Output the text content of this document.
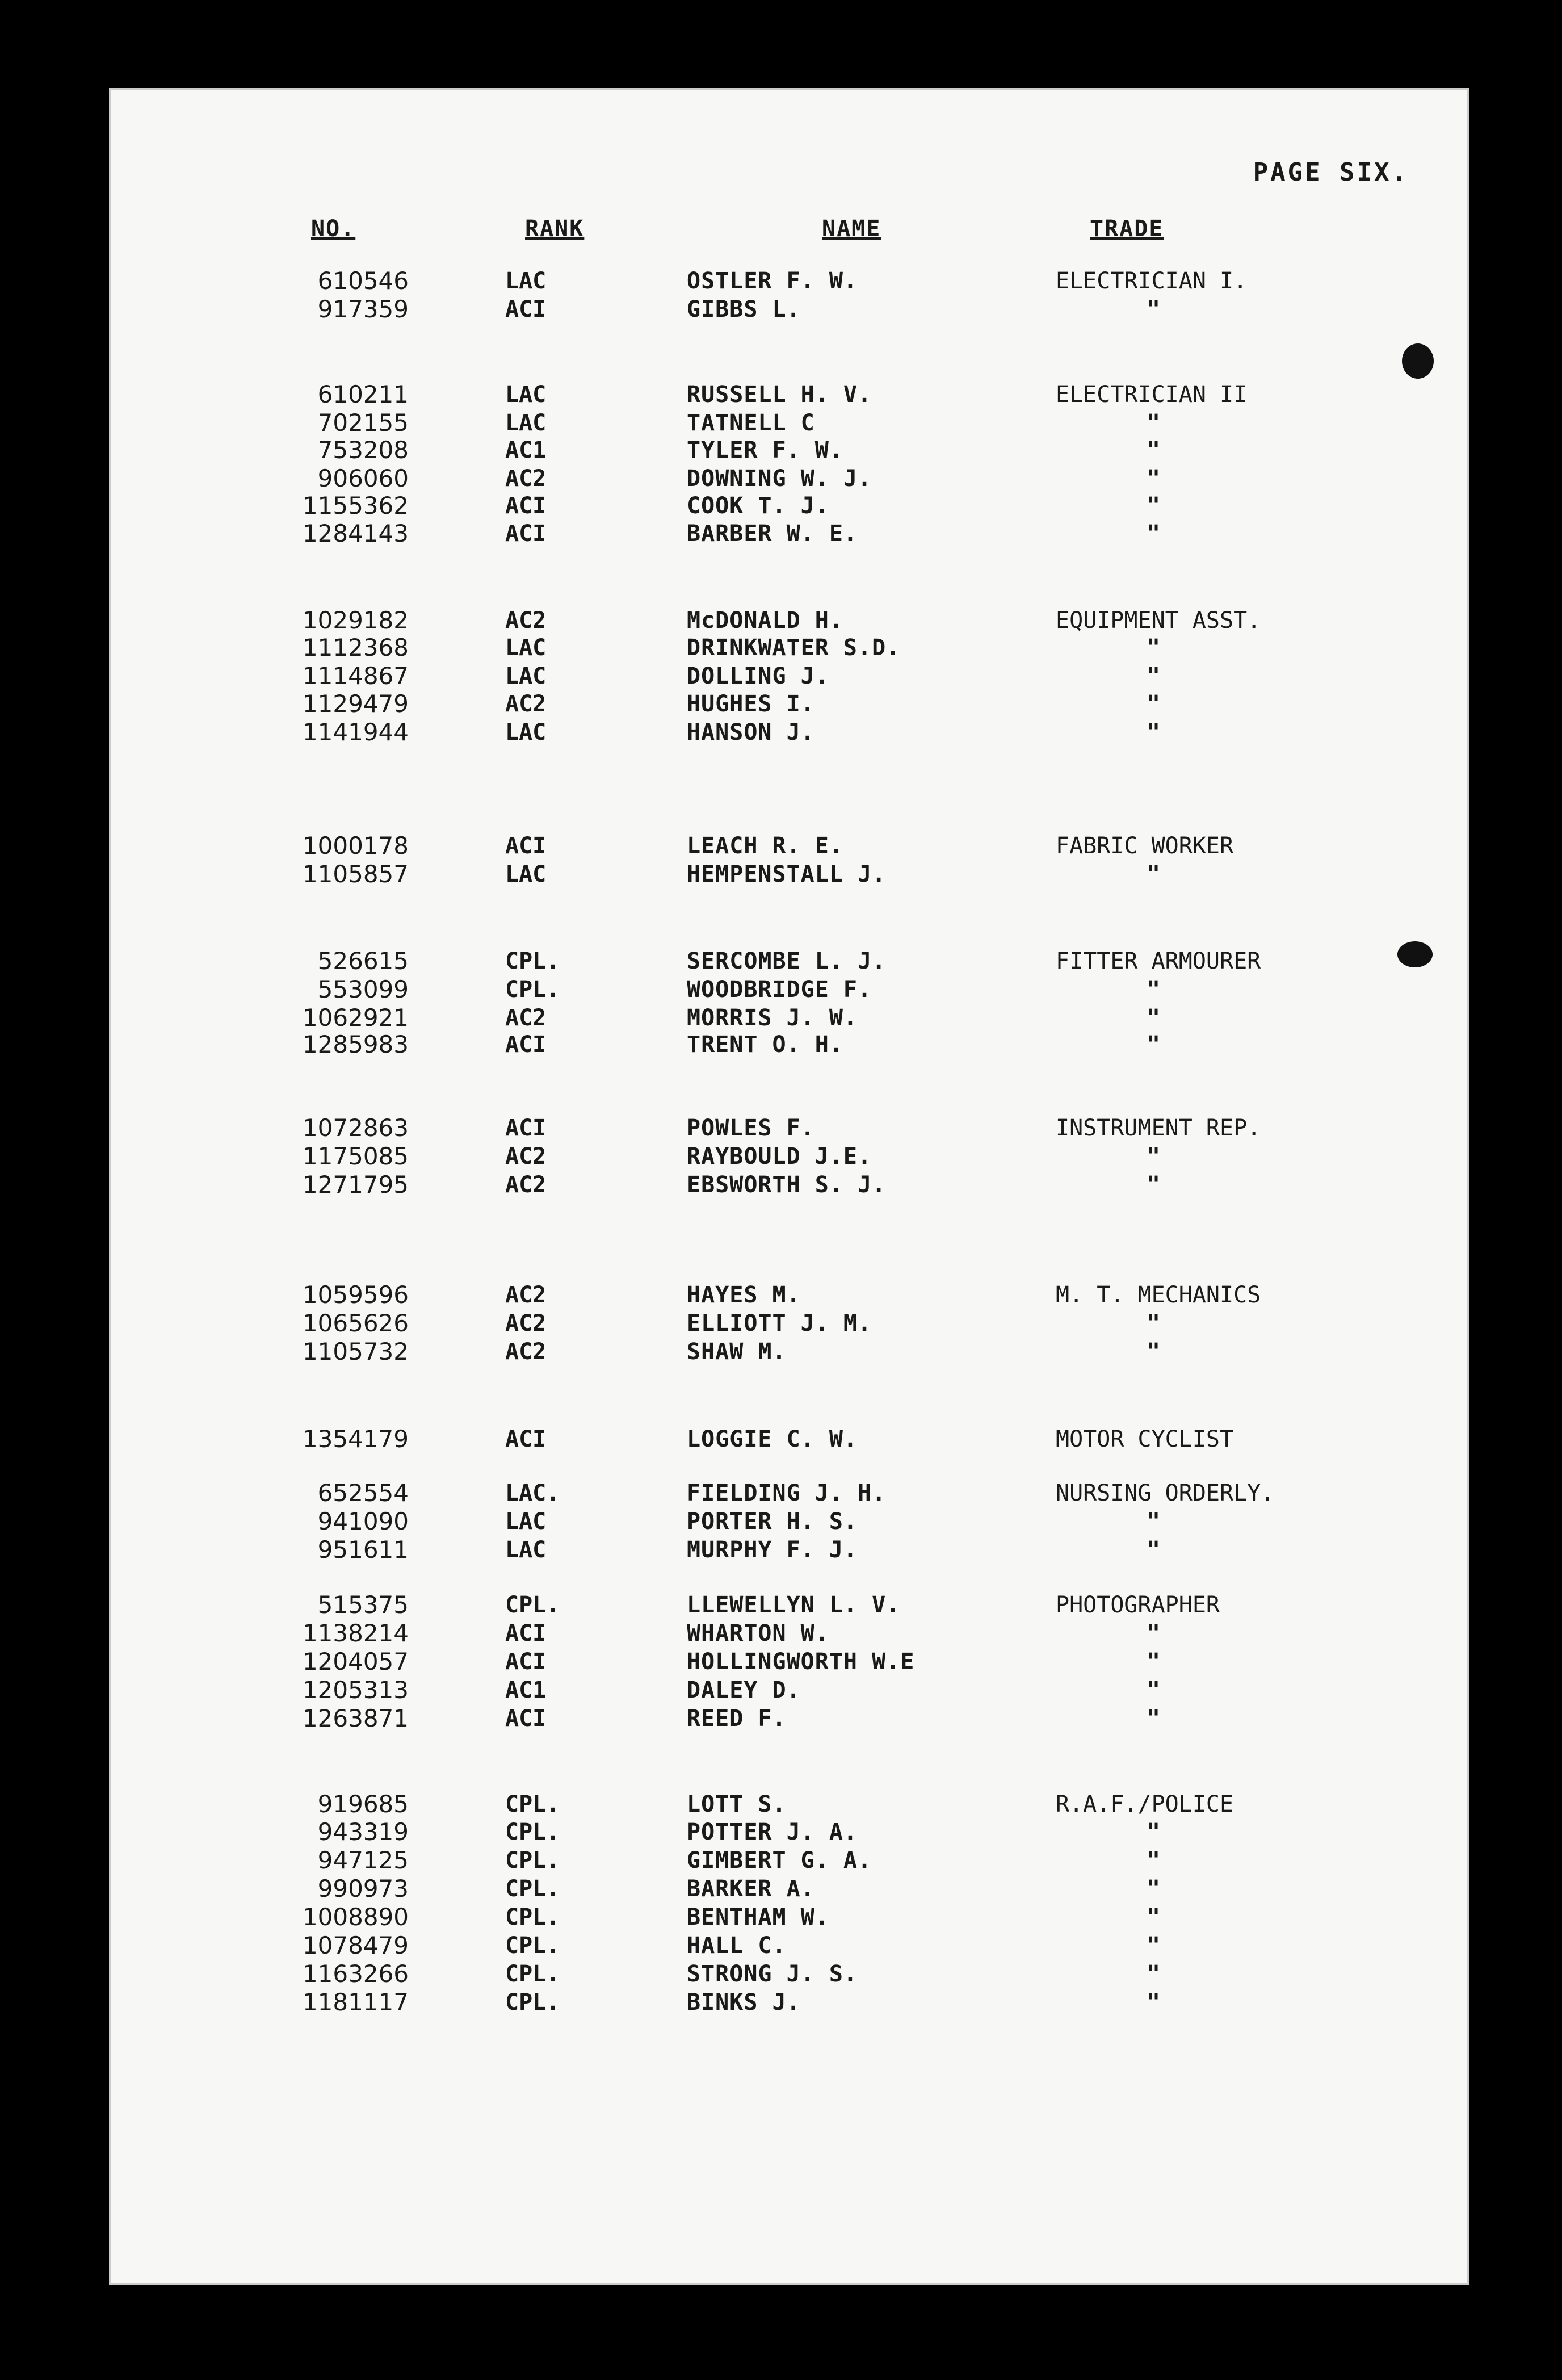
PAGE SIX.
NO.	RANK	NAME	TRADE
610546	LAC	OSTLER F. W.	ELECTRICIAN I.
917359	ACI	GIBBS L.	"
610211	LAC	RUSSELL H. V.	ELECTRICIAN II
702155	LAC	TATNELL C	"
753208	AC1	TYLER F. W.	"
906060	AC2	DOWNING W. J.	"
1155362	ACI	COOK T. J.	"
1284143	ACI	BARBER W. E.	"
1029182	AC2	McDONALD H.	EQUIPMENT ASST.
1112368	LAC	DRINKWATER S.D.	"
1114867	LAC	DOLLING J.	"
1129479	AC2	HUGHES I.	"
1141944	LAC	HANSON J.	"
1000178	ACI	LEACH R. E.	FABRIC WORKER
1105857	LAC	HEMPENSTALL J.	"
526615	CPL.	SERCOMBE L. J.	FITTER ARMOURER
553099	CPL.	WOODBRIDGE F.	"
1062921	AC2	MORRIS J. W.	"
1285983	ACI	TRENT O. H.	"
1072863	ACI	POWLES F.	INSTRUMENT REP.
1175085	AC2	RAYBOULD J.E.	"
1271795	AC2	EBSWORTH S. J.	"
1059596	AC2	HAYES M.	M. T. MECHANICS
1065626	AC2	ELLIOTT J. M.	"
1105732	AC2	SHAW M.	"
1354179	ACI	LOGGIE C. W.	MOTOR CYCLIST
652554	LAC.	FIELDING J. H.	NURSING ORDERLY.
941090	LAC	PORTER H. S.	"
951611	LAC	MURPHY F. J.	"
515375	CPL.	LLEWELLYN L. V.	PHOTOGRAPHER
1138214	ACI	WHARTON W.	"
1204057	ACI	HOLLINGWORTH W.E	"
1205313	AC1	DALEY D.	"
1263871	ACI	REED F.	"
919685	CPL.	LOTT S.	R.A.F./POLICE
943319	CPL.	POTTER J. A.	"
947125	CPL.	GIMBERT G. A.	"
990973	CPL.	BARKER A.	"
1008890	CPL.	BENTHAM W.	"
1078479	CPL.	HALL C.	"
1163266	CPL.	STRONG J. S.	"
1181117	CPL.	BINKS J.	"
